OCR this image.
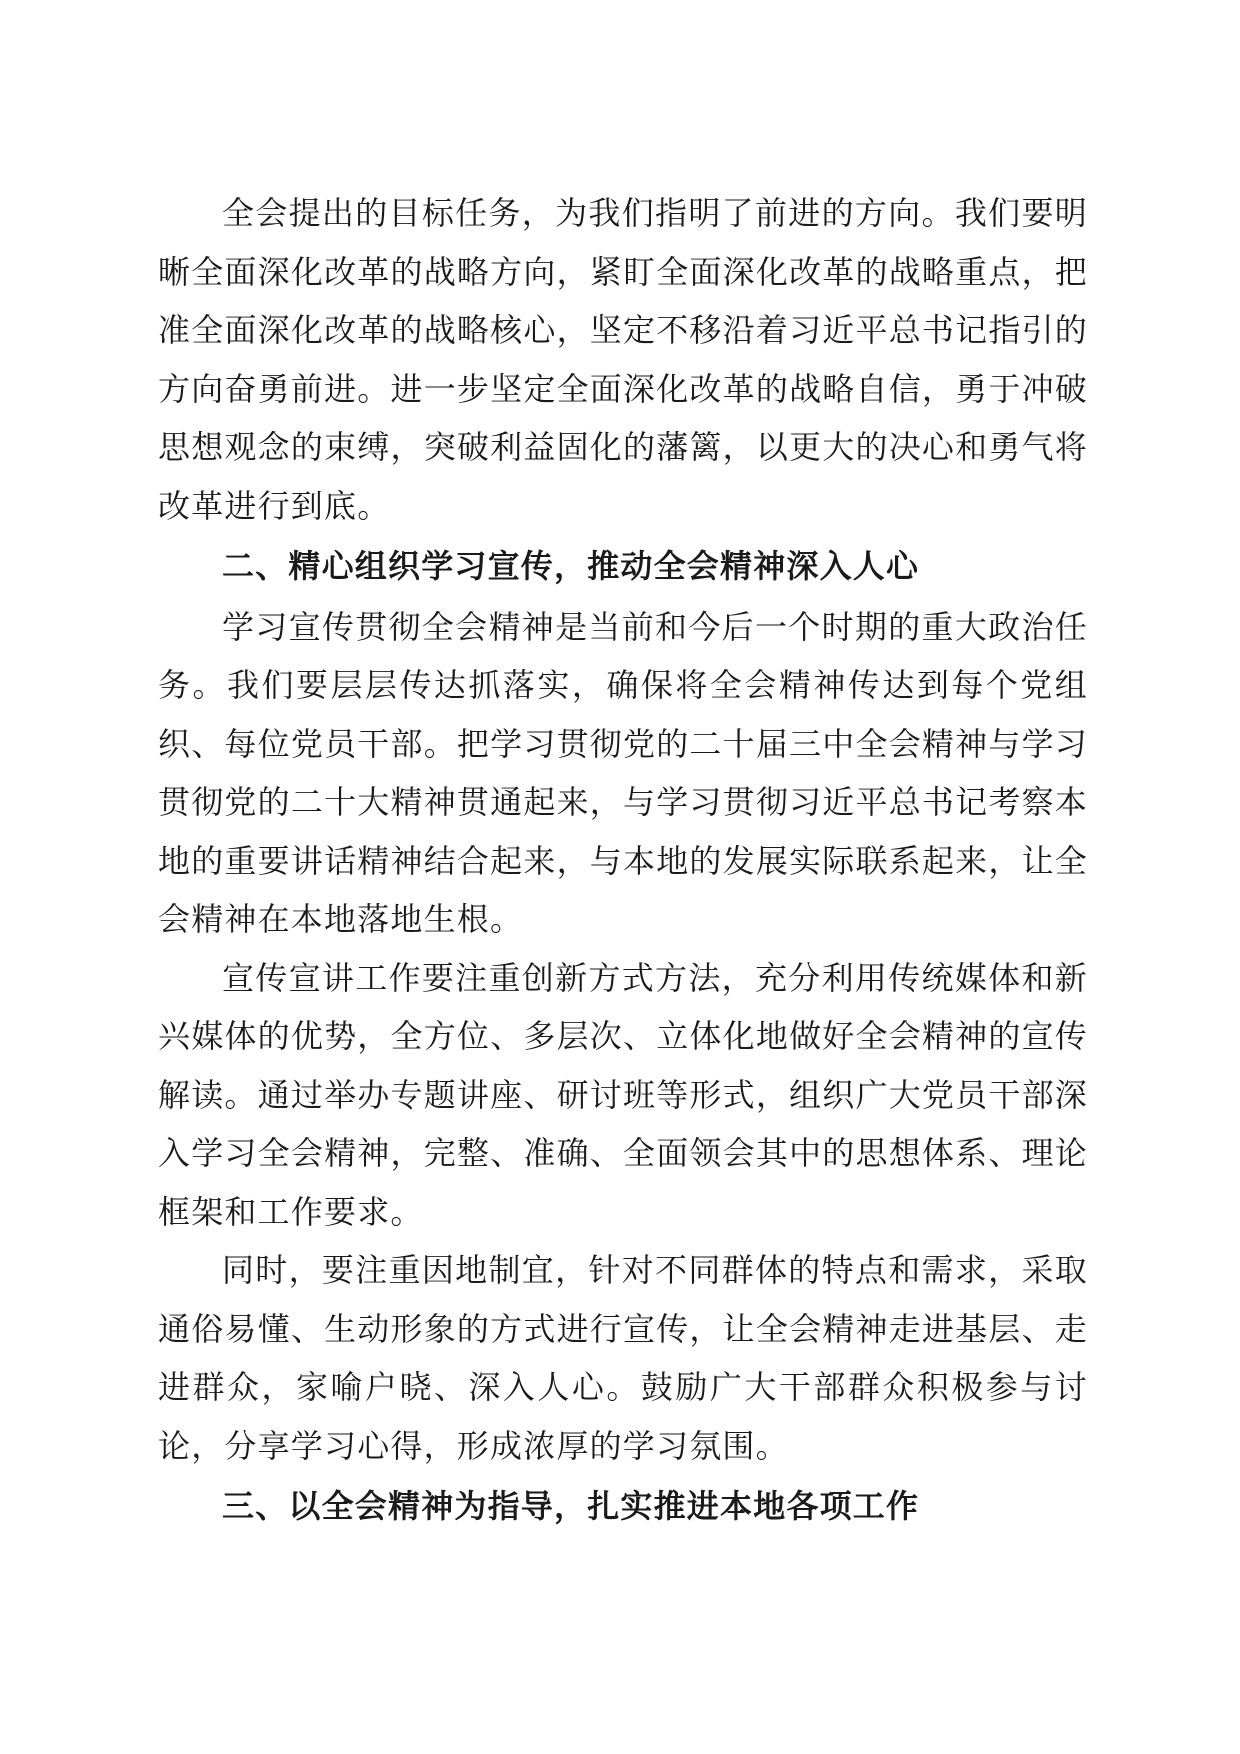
全会提出的目标任务，为我们指明了前进的方向。我们要明晰全面深化改革的战略方向，紧盯全面深化改革的战略重点，把准全面深化改革的战略核心，坚定不移沿着习近平总书记指引的方向奋勇前进。进一步坚定全面深化改革的战略自信，勇于冲破思想观念的束缚，突破利益固化的藩篱，以更大的决心和勇气将改革进行到底。

二、精心组织学习宣传，推动全会精神深入人心

学习宣传贯彻全会精神是当前和今后一个时期的重大政治任务。我们要层层传达抓落实，确保将全会精神传达到每个党组织、每位党员干部。把学习贯彻党的二十届三中全会精神与学习贯彻党的二十大精神贯通起来，与学习贯彻习近平总书记考察本地的重要讲话精神结合起来，与本地的发展实际联系起来，让全会精神在本地落地生根。

宣传宣讲工作要注重创新方式方法，充分利用传统媒体和新兴媒体的优势，全方位、多层次、立体化地做好全会精神的宣传解读。通过举办专题讲座、研讨班等形式，组织广大党员干部深入学习全会精神，完整、准确、全面领会其中的思想体系、理论框架和工作要求。

同时，要注重因地制宜，针对不同群体的特点和需求，采取通俗易懂、生动形象的方式进行宣传，让全会精神走进基层、走进群众，家喻户晓、深入人心。鼓励广大干部群众积极参与讨论，分享学习心得，形成浓厚的学习氛围。

三、以全会精神为指导，扎实推进本地各项工作
